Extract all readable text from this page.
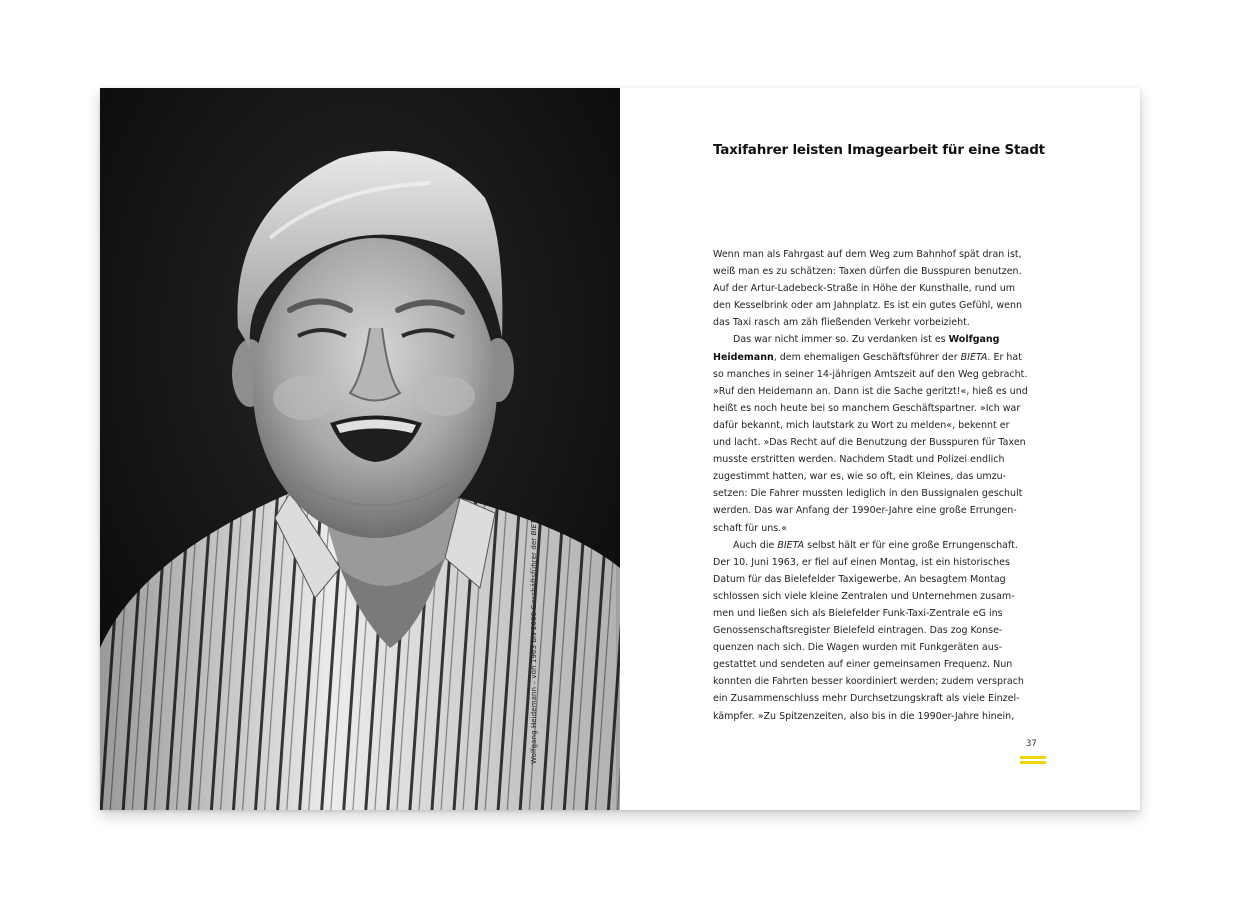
Wolfgang Heidemann – von 1963 bis 2000 Geschäftsführer der BIETA
Taxifahrer leisten Imagearbeit für eine Stadt
Wenn man als Fahrgast auf dem Weg zum Bahnhof spät dran ist,
weiß man es zu schätzen: Taxen dürfen die Busspuren benutzen.
Auf der Artur-Ladebeck-Straße in Höhe der Kunsthalle, rund um
den Kesselbrink oder am Jahnplatz. Es ist ein gutes Gefühl, wenn
das Taxi rasch am zäh fließenden Verkehr vorbeizieht.
Das war nicht immer so. Zu verdanken ist es Wolfgang
Heidemann, dem ehemaligen Geschäftsführer der BIETA. Er hat
so manches in seiner 14-jährigen Amtszeit auf den Weg gebracht.
»Ruf den Heidemann an. Dann ist die Sache geritzt!«, hieß es und
heißt es noch heute bei so manchem Geschäftspartner. »Ich war
dafür bekannt, mich lautstark zu Wort zu melden«, bekennt er
und lacht. »Das Recht auf die Benutzung der Busspuren für Taxen
musste erstritten werden. Nachdem Stadt und Polizei endlich
zugestimmt hatten, war es, wie so oft, ein Kleines, das umzu-
setzen: Die Fahrer mussten lediglich in den Bussignalen geschult
werden. Das war Anfang der 1990er-Jahre eine große Errungen-
schaft für uns.«
Auch die BIETA selbst hält er für eine große Errungenschaft.
Der 10. Juni 1963, er fiel auf einen Montag, ist ein historisches
Datum für das Bielefelder Taxigewerbe. An besagtem Montag
schlossen sich viele kleine Zentralen und Unternehmen zusam-
men und ließen sich als Bielefelder Funk-Taxi-Zentrale eG ins
Genossenschaftsregister Bielefeld eintragen. Das zog Konse-
quenzen nach sich. Die Wagen wurden mit Funkgeräten aus-
gestattet und sendeten auf einer gemeinsamen Frequenz. Nun
konnten die Fahrten besser koordiniert werden; zudem versprach
ein Zusammenschluss mehr Durchsetzungskraft als viele Einzel-
kämpfer. »Zu Spitzenzeiten, also bis in die 1990er-Jahre hinein,
37
